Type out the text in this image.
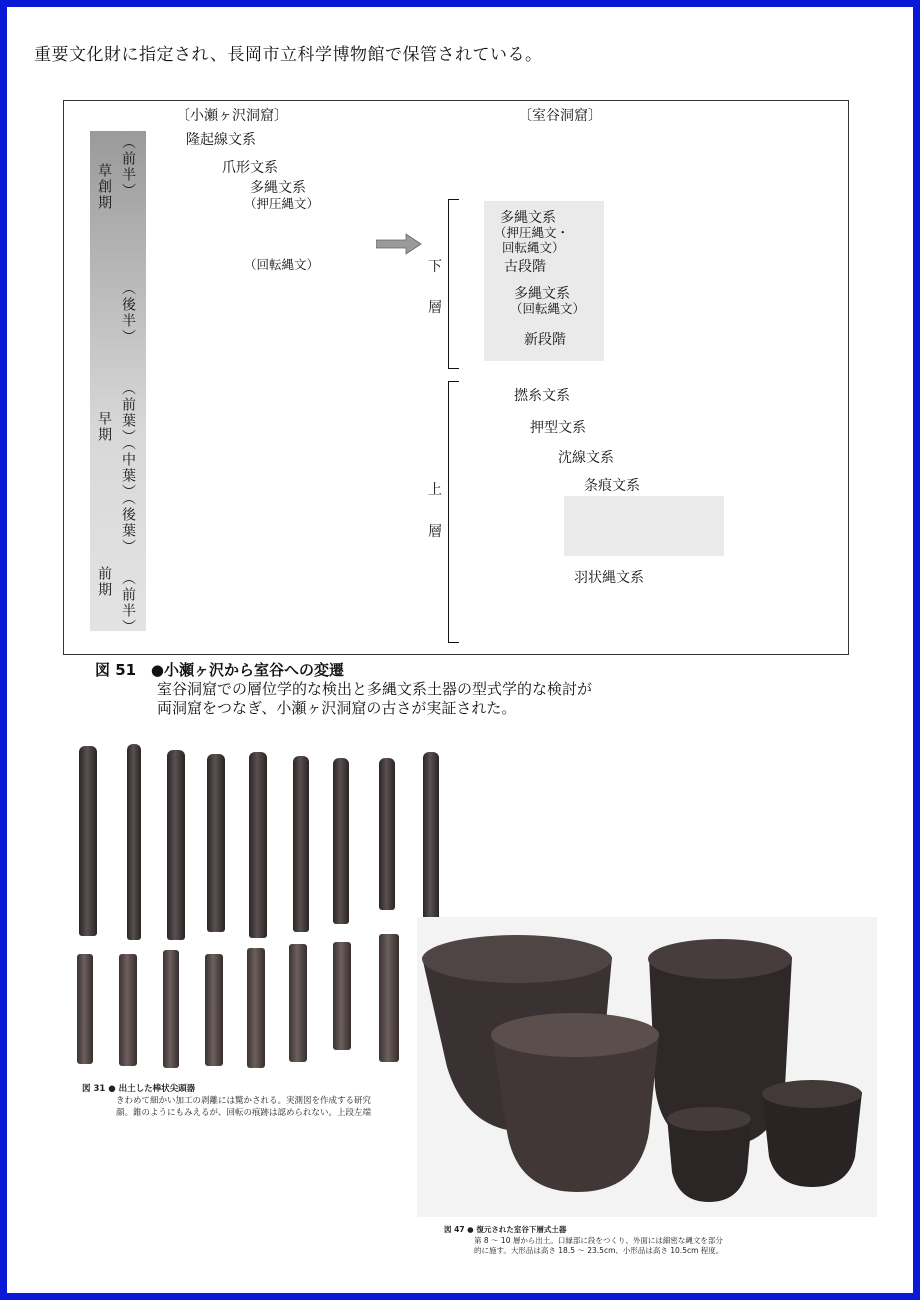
重要文化財に指定され、長岡市立科学博物館で保管されている。
草創期 （前半）
（後半）
早期 （前葉）
（中葉）
（後葉）
前期 （前半）
〔小瀬ヶ沢洞窟〕	〔室谷洞窟〕
隆起線文系
爪形文系
多縄文系
（押圧縄文）
（回転縄文）	下
層
上
層
多縄文系
（押圧縄文・
回転縄文）
古段階
多縄文系
（回転縄文）
新段階
撚糸文系
押型文系
沈線文系
条痕文系
羽状縄文系
図 51 ●小瀬ヶ沢から室谷への変遷
室谷洞窟での層位学的な検出と多縄文系土器の型式学的な検討が
両洞窟をつなぎ、小瀬ヶ沢洞窟の古さが実証された。
図 31 ● 出土した棒状尖頭器
きわめて細かい加工の剥離には驚かされる。実測図を作成する研究
顔。錐のようにもみえるが、回転の痕跡は認められない。上段左端
図 47 ● 復元された室谷下層式土器
第 8 〜 10 層から出土。口縁部に段をつくり、外面には細密な縄文を部分
的に施す。大形品は高さ 18.5 〜 23.5cm、小形品は高さ 10.5cm 程度。
